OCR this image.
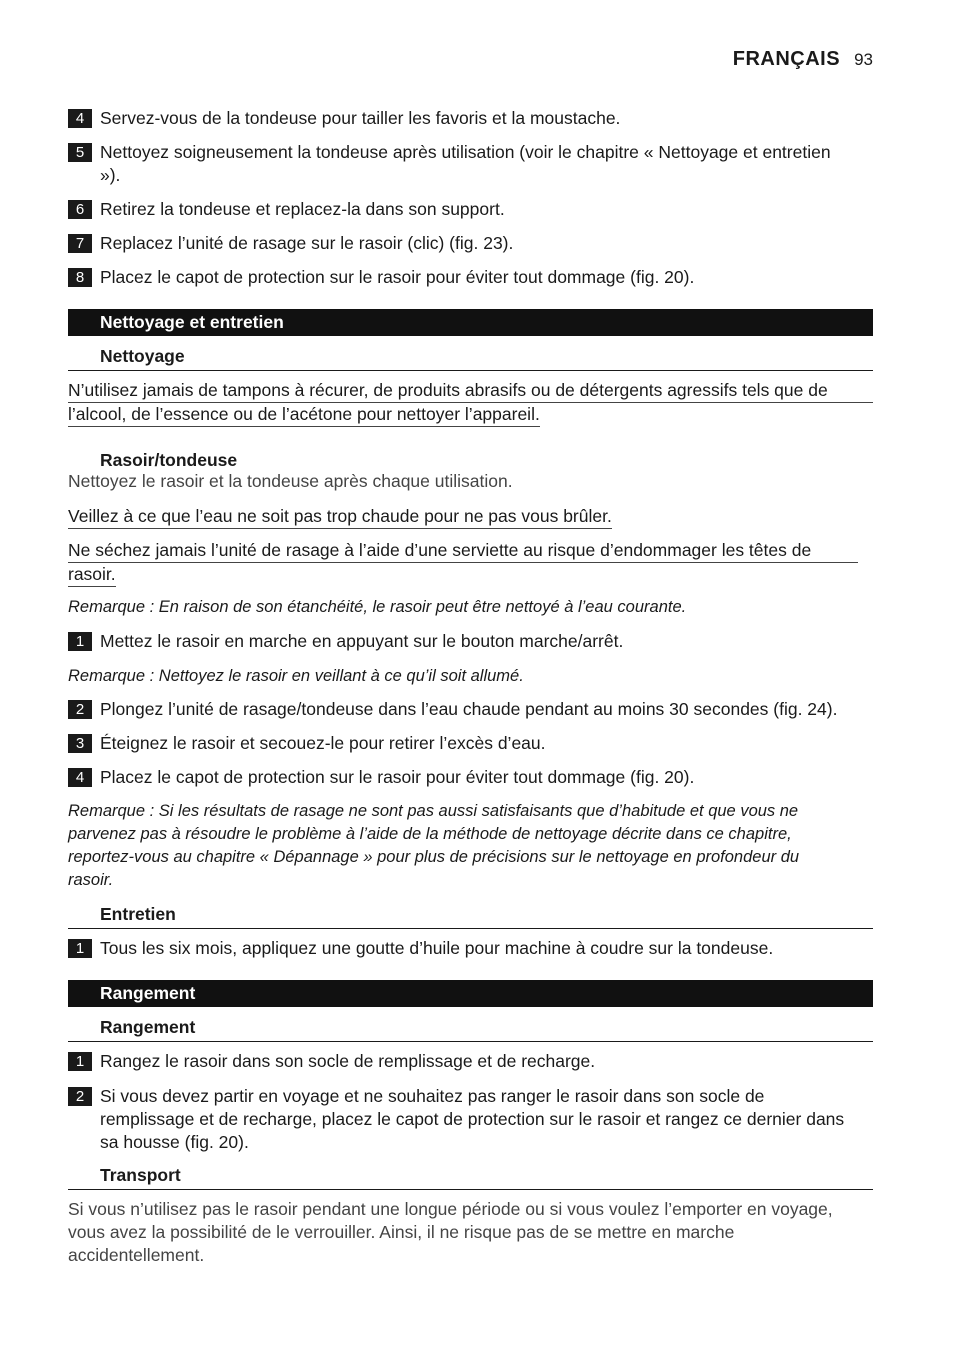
FRANÇAIS 93
4 Servez-vous de la tondeuse pour tailler les favoris et la moustache.
5 Nettoyez soigneusement la tondeuse après utilisation (voir le chapitre « Nettoyage et entretien »).
6 Retirez la tondeuse et replacez-la dans son support.
7 Replacez l’unité de rasage sur le rasoir (clic) (fig. 23).
8 Placez le capot de protection sur le rasoir pour éviter tout dommage (fig. 20).
Nettoyage et entretien
Nettoyage
N’utilisez jamais de tampons à récurer, de produits abrasifs ou de détergents agressifs tels que de
l’alcool, de l’essence ou de l’acétone pour nettoyer l’appareil.
Rasoir/tondeuse
Nettoyez le rasoir et la tondeuse après chaque utilisation.
Veillez à ce que l’eau ne soit pas trop chaude pour ne pas vous brûler.
Ne séchez jamais l’unité de rasage à l’aide d’une serviette au risque d’endommager les têtes de
rasoir.
Remarque : En raison de son étanchéité, le rasoir peut être nettoyé à l’eau courante.
1 Mettez le rasoir en marche en appuyant sur le bouton marche/arrêt.
Remarque : Nettoyez le rasoir en veillant à ce qu’il soit allumé.
2 Plongez l’unité de rasage/tondeuse dans l’eau chaude pendant au moins 30 secondes (fig. 24).
3 Éteignez le rasoir et secouez-le pour retirer l’excès d’eau.
4 Placez le capot de protection sur le rasoir pour éviter tout dommage (fig. 20).
Remarque : Si les résultats de rasage ne sont pas aussi satisfaisants que d’habitude et que vous ne
parvenez pas à résoudre le problème à l’aide de la méthode de nettoyage décrite dans ce chapitre,
reportez-vous au chapitre « Dépannage » pour plus de précisions sur le nettoyage en profondeur du
rasoir.
Entretien
1 Tous les six mois, appliquez une goutte d’huile pour machine à coudre sur la tondeuse.
Rangement
Rangement
1 Rangez le rasoir dans son socle de remplissage et de recharge.
2 Si vous devez partir en voyage et ne souhaitez pas ranger le rasoir dans son socle de remplissage et de recharge, placez le capot de protection sur le rasoir et rangez ce dernier dans sa housse (fig. 20).
Transport
Si vous n’utilisez pas le rasoir pendant une longue période ou si vous voulez l’emporter en voyage,
vous avez la possibilité de le verrouiller. Ainsi, il ne risque pas de se mettre en marche
accidentellement.
